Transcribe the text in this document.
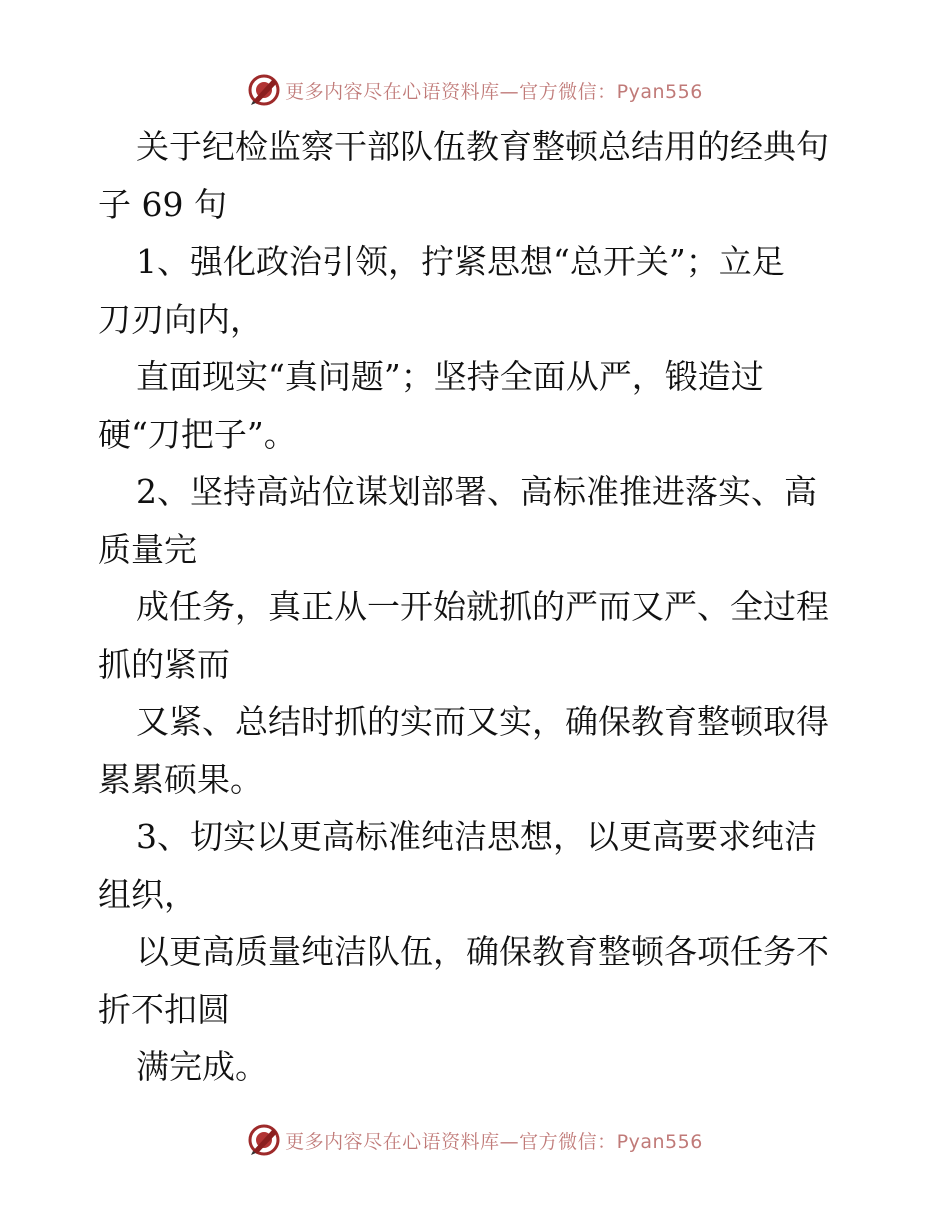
更多内容尽在心语资料库—官方微信：Pyan556
关于纪检监察干部队伍教育整顿总结用的经典句
子 69 句
1、强化政治引领，拧紧思想“总开关”；立足
刀刃向内，
直面现实“真问题”；坚持全面从严，锻造过
硬“刀把子”。
2、坚持高站位谋划部署、高标准推进落实、高
质量完
成任务，真正从一开始就抓的严而又严、全过程
抓的紧而
又紧、总结时抓的实而又实，确保教育整顿取得
累累硕果。
3、切实以更高标准纯洁思想，以更高要求纯洁
组织，
以更高质量纯洁队伍，确保教育整顿各项任务不
折不扣圆
满完成。
更多内容尽在心语资料库—官方微信：Pyan556
